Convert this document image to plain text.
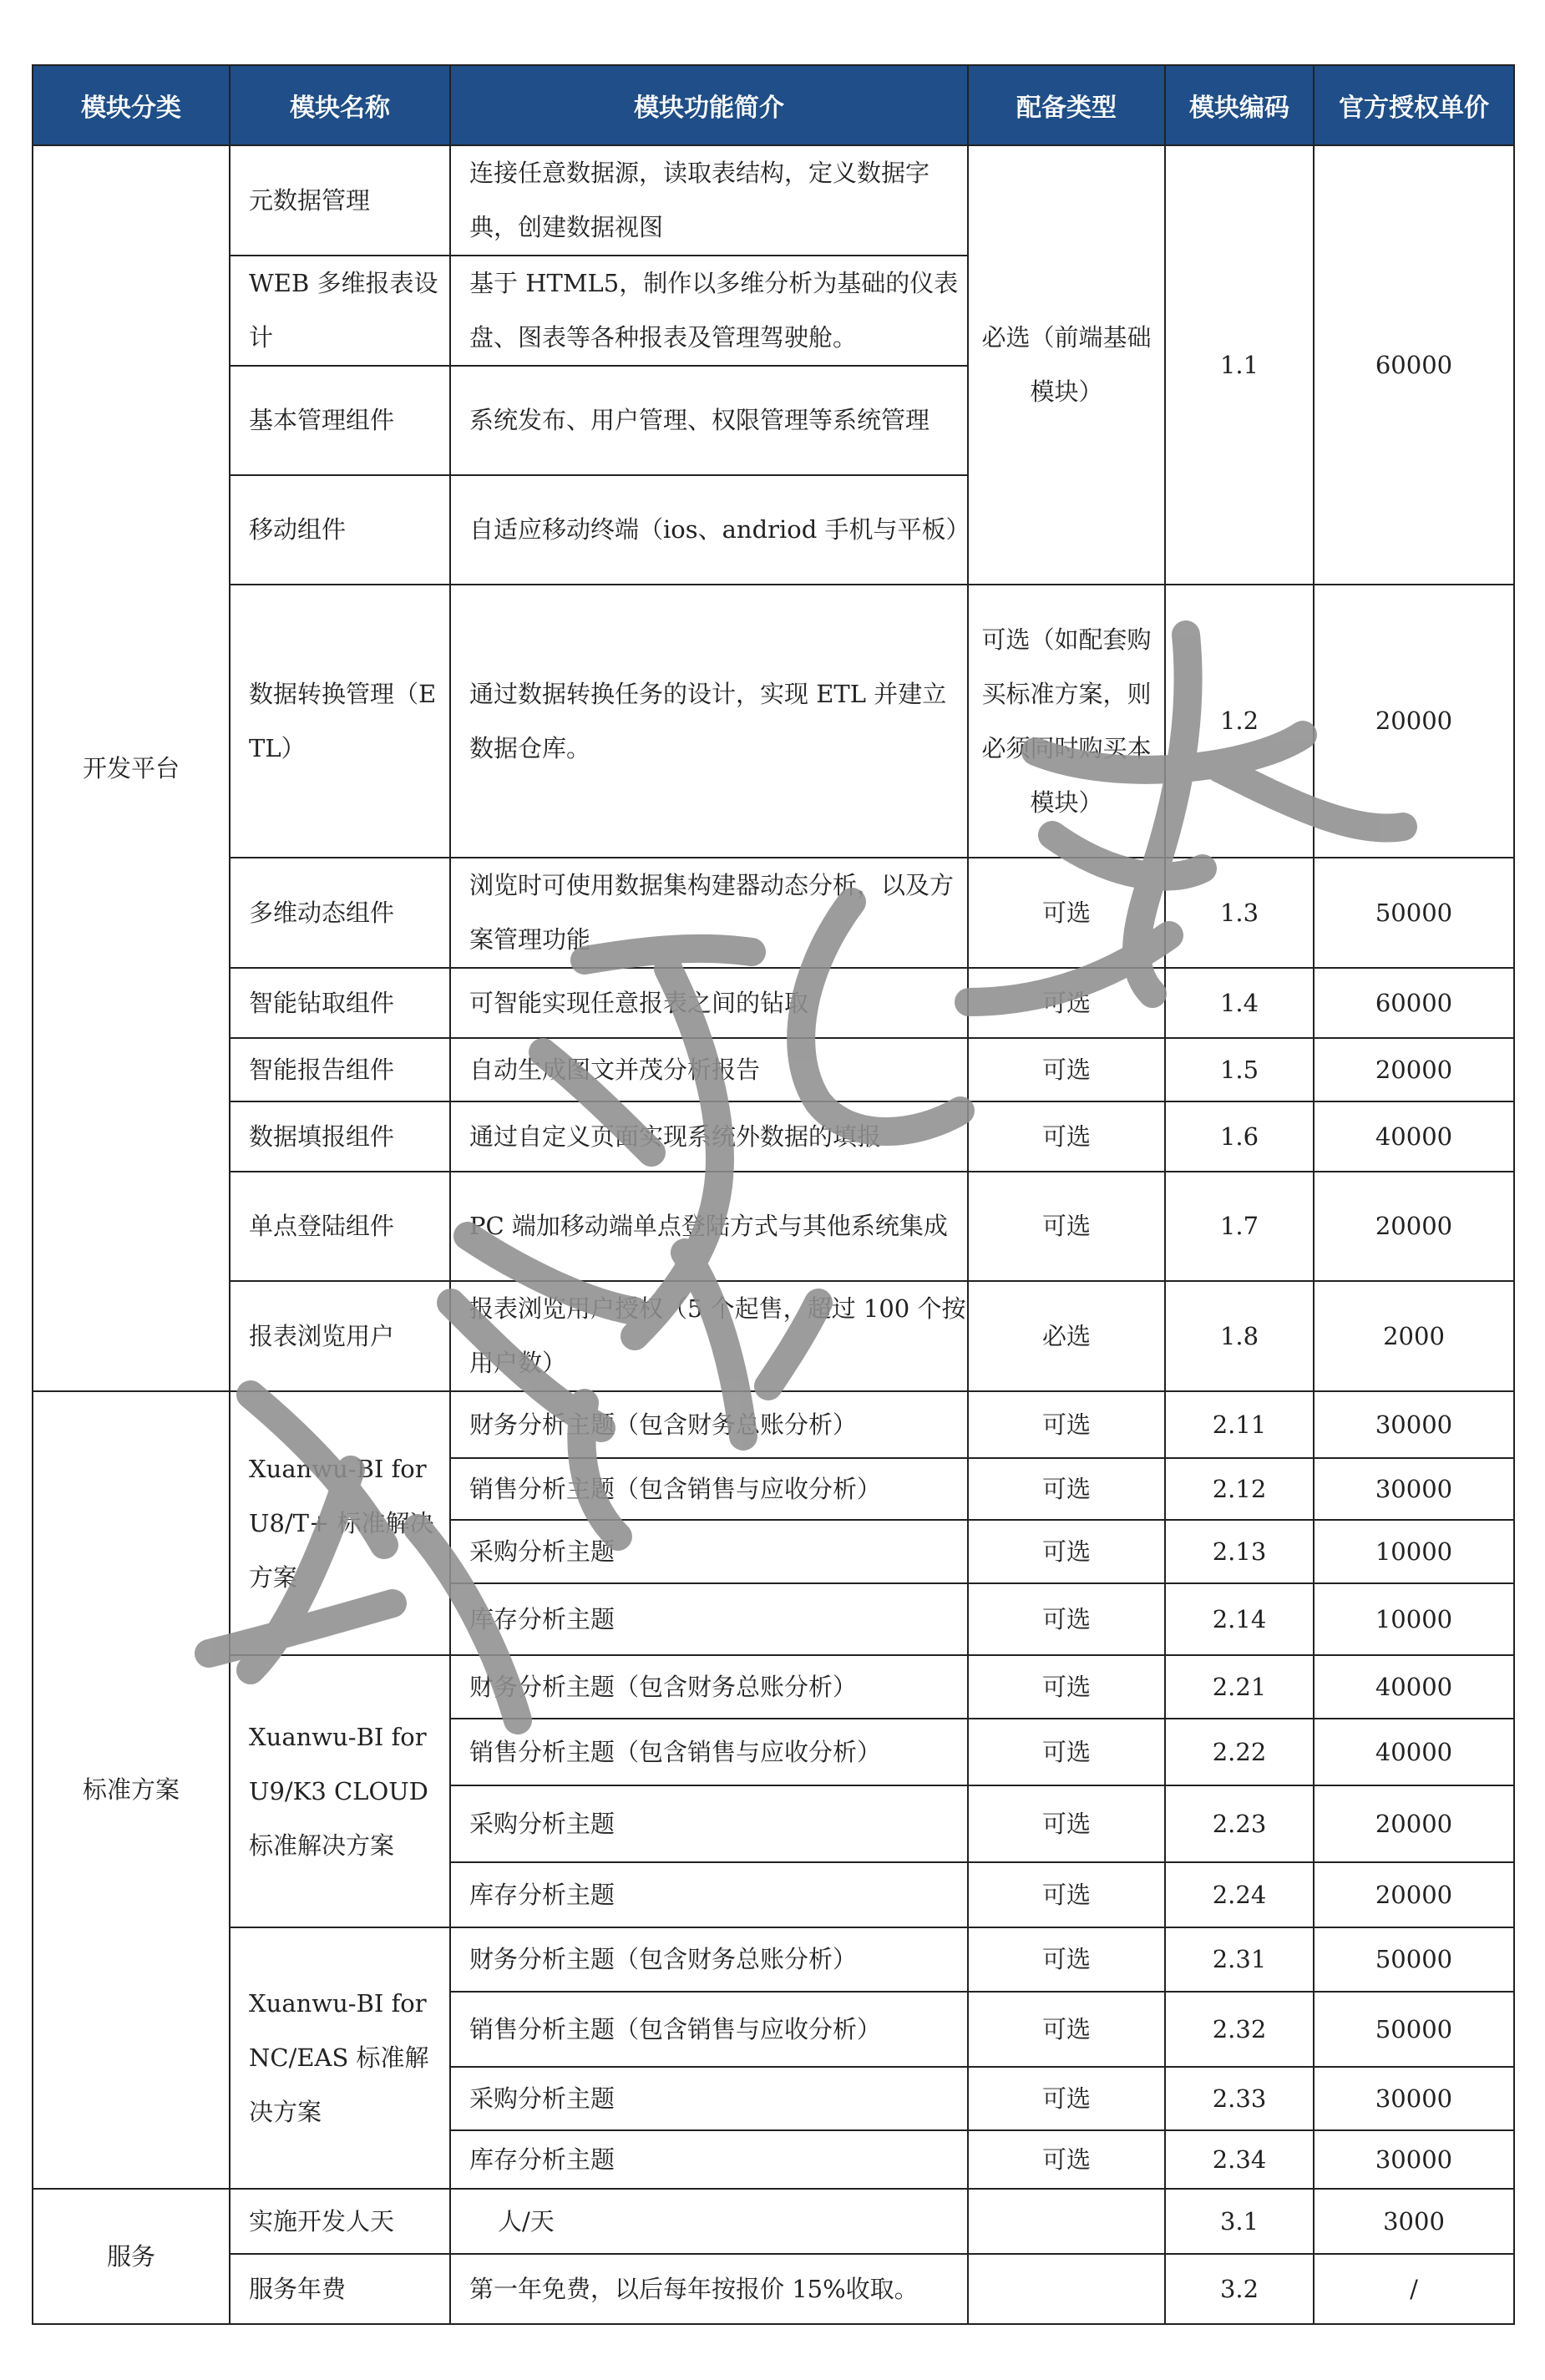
模块分类	模块名称	模块功能简介	配备类型	模块编码	官方授权单价
开发平台	元数据管理	连接任意数据源，读取表结构，定义数据字典，创建数据视图	必选（前端基础模块）	1.1	60000
	WEB 多维报表设计	基于 HTML5，制作以多维分析为基础的仪表盘、图表等各种报表及管理驾驶舱。			
	基本管理组件	系统发布、用户管理、权限管理等系统管理			
	移动组件	自适应移动终端（ios、andriod 手机与平板）			
	数据转换管理（ETL）	通过数据转换任务的设计，实现 ETL 并建立数据仓库。	可选（如配套购买标准方案，则必须同时购买本模块）	1.2	20000
	多维动态组件	浏览时可使用数据集构建器动态分析，以及方案管理功能	可选	1.3	50000
	智能钻取组件	可智能实现任意报表之间的钻取	可选	1.4	60000
	智能报告组件	自动生成图文并茂分析报告	可选	1.5	20000
	数据填报组件	通过自定义页面实现系统外数据的填报	可选	1.6	40000
	单点登陆组件	PC 端加移动端单点登陆方式与其他系统集成	可选	1.7	20000
	报表浏览用户	报表浏览用户授权（5 个起售，超过 100 个按用户数）	必选	1.8	2000
标准方案	Xuanwu-BI for U8/T+ 标准解决方案	财务分析主题（包含财务总账分析）	可选	2.11	30000
		销售分析主题（包含销售与应收分析）	可选	2.12	30000
		采购分析主题	可选	2.13	10000
		库存分析主题	可选	2.14	10000
	Xuanwu-BI for U9/K3 CLOUD 标准解决方案	财务分析主题（包含财务总账分析）	可选	2.21	40000
		销售分析主题（包含销售与应收分析）	可选	2.22	40000
		采购分析主题	可选	2.23	20000
		库存分析主题	可选	2.24	20000
	Xuanwu-BI for NC/EAS 标准解决方案	财务分析主题（包含财务总账分析）	可选	2.31	50000
		销售分析主题（包含销售与应收分析）	可选	2.32	50000
		采购分析主题	可选	2.33	30000
		库存分析主题	可选	2.34	30000
服务	实施开发人天	人/天		3.1	3000
	服务年费	第一年免费，以后每年按报价 15%收取。		3.2	/
